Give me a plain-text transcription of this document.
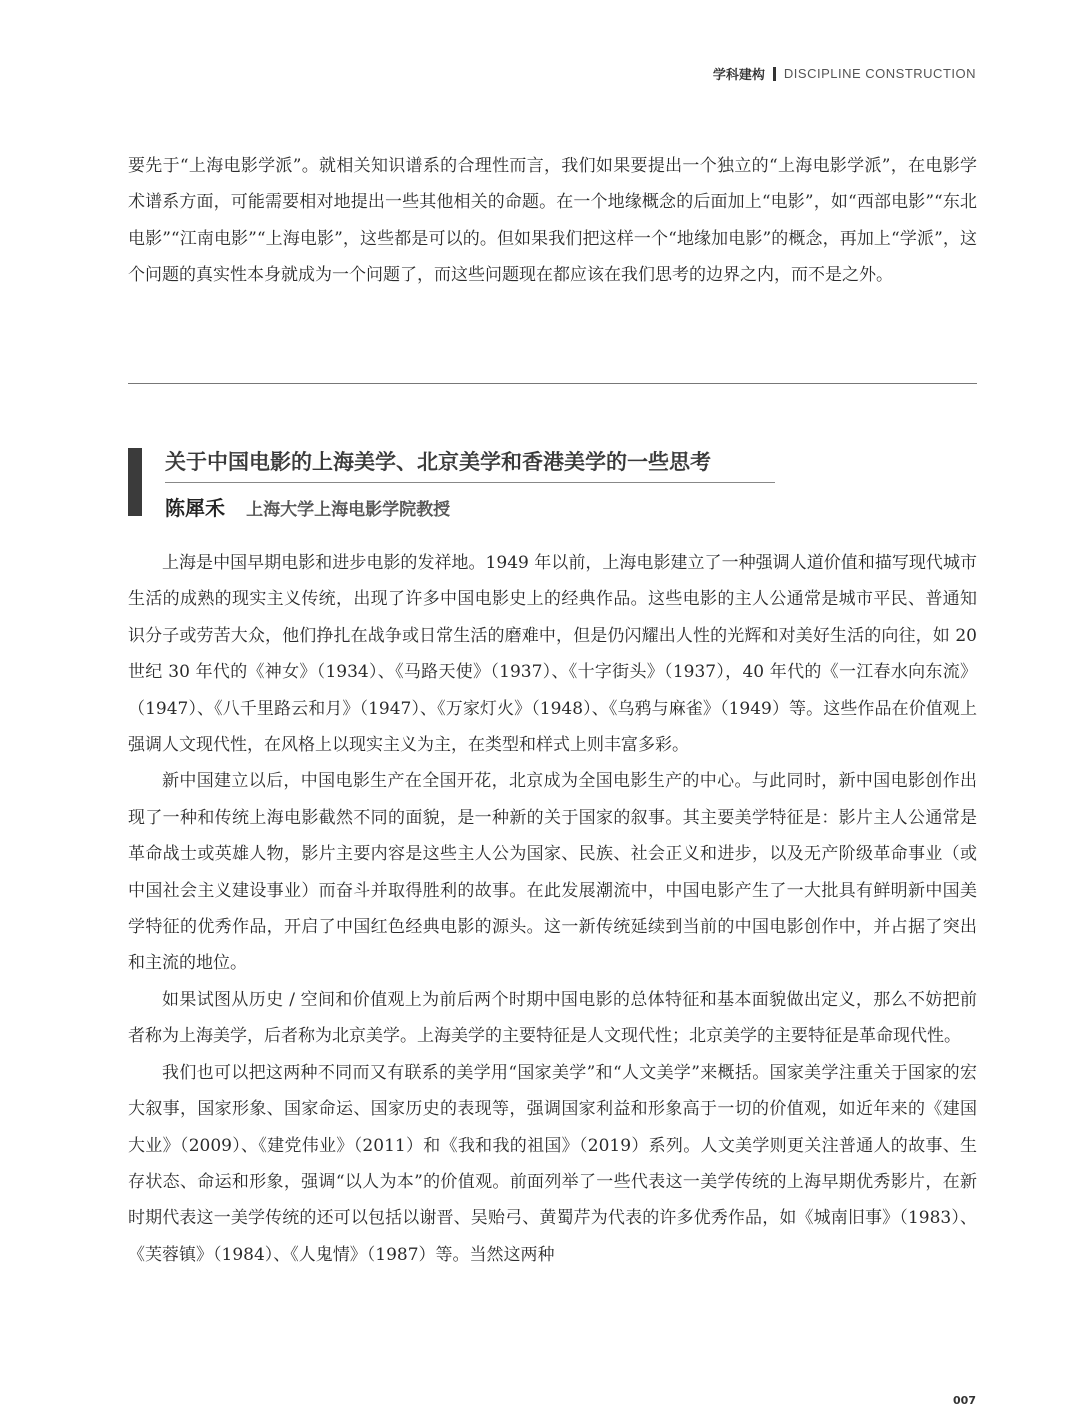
学科建构 DISCIPLINE CONSTRUCTION

要先于“上海电影学派”。就相关知识谱系的合理性而言，我们如果要提出一个独立的“上海电影学派”，在电影学术谱系方面，可能需要相对地提出一些其他相关的命题。在一个地缘概念的后面加上“电影”，如“西部电影”“东北电影”“江南电影”“上海电影”，这些都是可以的。但如果我们把这样一个“地缘加电影”的概念，再加上“学派”，这个问题的真实性本身就成为一个问题了，而这些问题现在都应该在我们思考的边界之内，而不是之外。

关于中国电影的上海美学、北京美学和香港美学的一些思考
陈犀禾 上海大学上海电影学院教授

上海是中国早期电影和进步电影的发祥地。1949 年以前，上海电影建立了一种强调人道价值和描写现代城市生活的成熟的现实主义传统，出现了许多中国电影史上的经典作品。这些电影的主人公通常是城市平民、普通知识分子或劳苦大众，他们挣扎在战争或日常生活的磨难中，但是仍闪耀出人性的光辉和对美好生活的向往，如 20 世纪 30 年代的《神女》（1934）、《马路天使》（1937）、《十字街头》（1937），40 年代的《一江春水向东流》（1947）、《八千里路云和月》（1947）、《万家灯火》（1948）、《乌鸦与麻雀》（1949）等。这些作品在价值观上强调人文现代性，在风格上以现实主义为主，在类型和样式上则丰富多彩。

新中国建立以后，中国电影生产在全国开花，北京成为全国电影生产的中心。与此同时，新中国电影创作出现了一种和传统上海电影截然不同的面貌，是一种新的关于国家的叙事。其主要美学特征是：影片主人公通常是革命战士或英雄人物，影片主要内容是这些主人公为国家、民族、社会正义和进步，以及无产阶级革命事业（或中国社会主义建设事业）而奋斗并取得胜利的故事。在此发展潮流中，中国电影产生了一大批具有鲜明新中国美学特征的优秀作品，开启了中国红色经典电影的源头。这一新传统延续到当前的中国电影创作中，并占据了突出和主流的地位。

如果试图从历史 / 空间和价值观上为前后两个时期中国电影的总体特征和基本面貌做出定义，那么不妨把前者称为上海美学，后者称为北京美学。上海美学的主要特征是人文现代性；北京美学的主要特征是革命现代性。

我们也可以把这两种不同而又有联系的美学用“国家美学”和“人文美学”来概括。国家美学注重关于国家的宏大叙事，国家形象、国家命运、国家历史的表现等，强调国家利益和形象高于一切的价值观，如近年来的《建国大业》（2009）、《建党伟业》（2011）和《我和我的祖国》（2019）系列。人文美学则更关注普通人的故事、生存状态、命运和形象，强调“以人为本”的价值观。前面列举了一些代表这一美学传统的上海早期优秀影片，在新时期代表这一美学传统的还可以包括以谢晋、吴贻弓、黄蜀芹为代表的许多优秀作品，如《城南旧事》（1983）、《芙蓉镇》（1984）、《人鬼情》（1987）等。当然这两种

007
